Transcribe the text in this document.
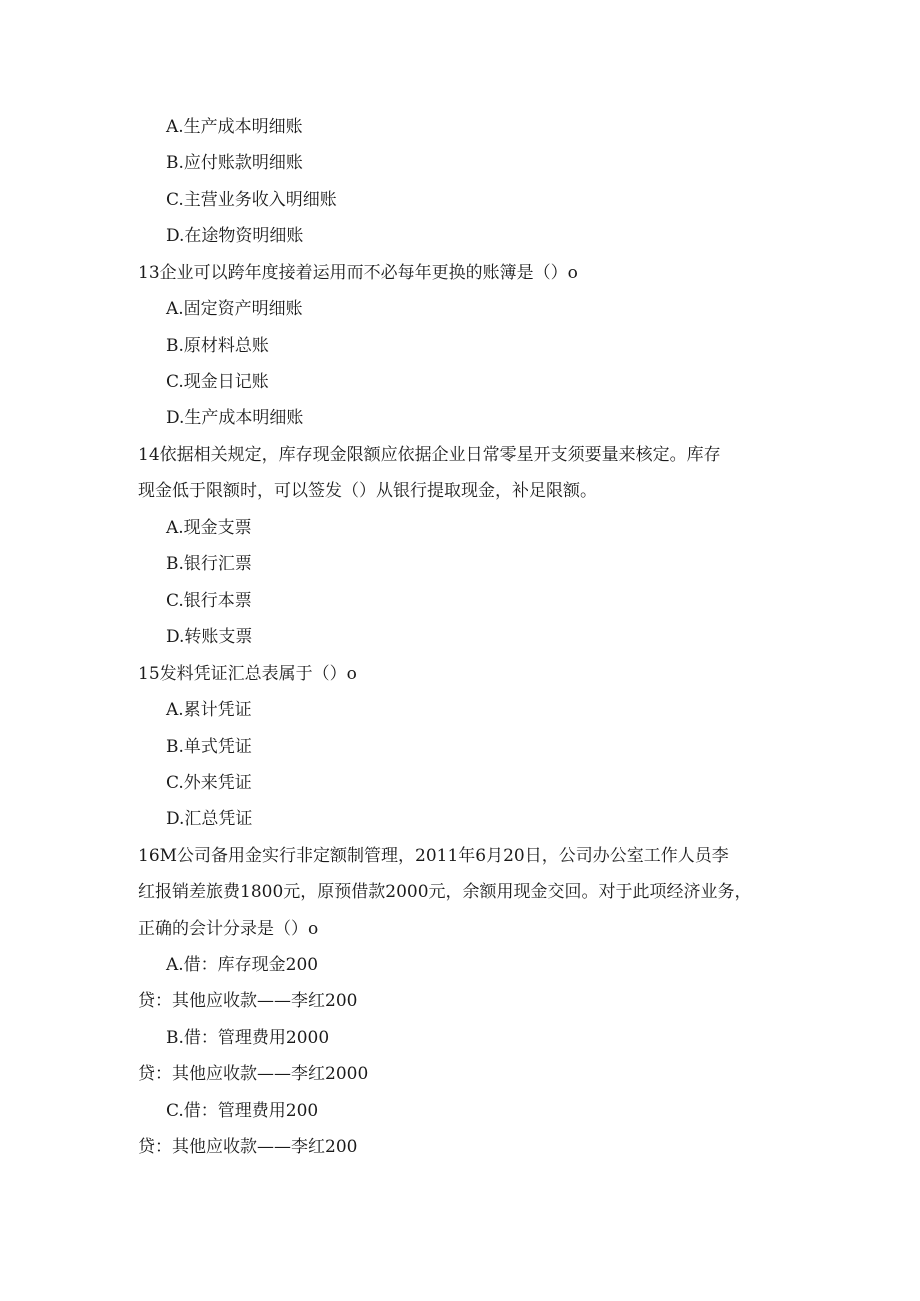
A.生产成本明细账
B.应付账款明细账
C.主营业务收入明细账
D.在途物资明细账
13企业可以跨年度接着运用而不必每年更换的账簿是（）o
A.固定资产明细账
B.原材料总账
C.现金日记账
D.生产成本明细账
14依据相关规定，库存现金限额应依据企业日常零星开支须要量来核定。库存
现金低于限额时，可以签发（）从银行提取现金，补足限额。
A.现金支票
B.银行汇票
C.银行本票
D.转账支票
15发料凭证汇总表属于（）o
A.累计凭证
B.单式凭证
C.外来凭证
D.汇总凭证
16M公司备用金实行非定额制管理，2011年6月20日，公司办公室工作人员李
红报销差旅费1800元，原预借款2000元，余额用现金交回。对于此项经济业务，
正确的会计分录是（）o
A.借：库存现金200
贷：其他应收款——李红200
B.借：管理费用2000
贷：其他应收款——李红2000
C.借：管理费用200
贷：其他应收款——李红200
